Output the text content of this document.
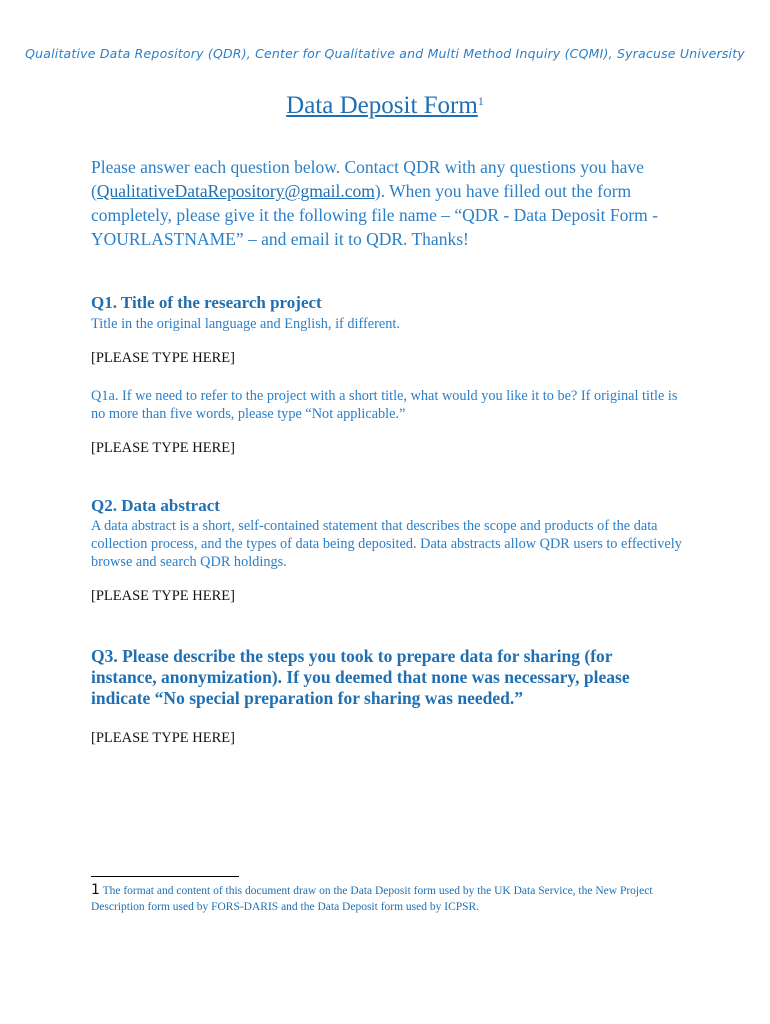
Qualitative Data Repository (QDR), Center for Qualitative and Multi Method Inquiry (CQMI), Syracuse University
Data Deposit Form$^1$
Please answer each question below. Contact QDR with any questions you have (QualitativeDataRepository@gmail.com). When you have filled out the form completely, please give it the following file name – “QDR - Data Deposit Form - YOURLASTNAME” – and email it to QDR. Thanks!
Q1. Title of the research project
Title in the original language and English, if different.
[PLEASE TYPE HERE]
Q1a. If we need to refer to the project with a short title, what would you like it to be? If original title is no more than five words, please type “Not applicable.”
[PLEASE TYPE HERE]
Q2. Data abstract
A data abstract is a short, self-contained statement that describes the scope and products of the data collection process, and the types of data being deposited. Data abstracts allow QDR users to effectively browse and search QDR holdings.
[PLEASE TYPE HERE]
Q3. Please describe the steps you took to prepare data for sharing (for instance, anonymization). If you deemed that none was necessary, please indicate “No special preparation for sharing was needed.”
[PLEASE TYPE HERE]
1 The format and content of this document draw on the Data Deposit form used by the UK Data Service, the New Project Description form used by FORS-DARIS and the Data Deposit form used by ICPSR.
